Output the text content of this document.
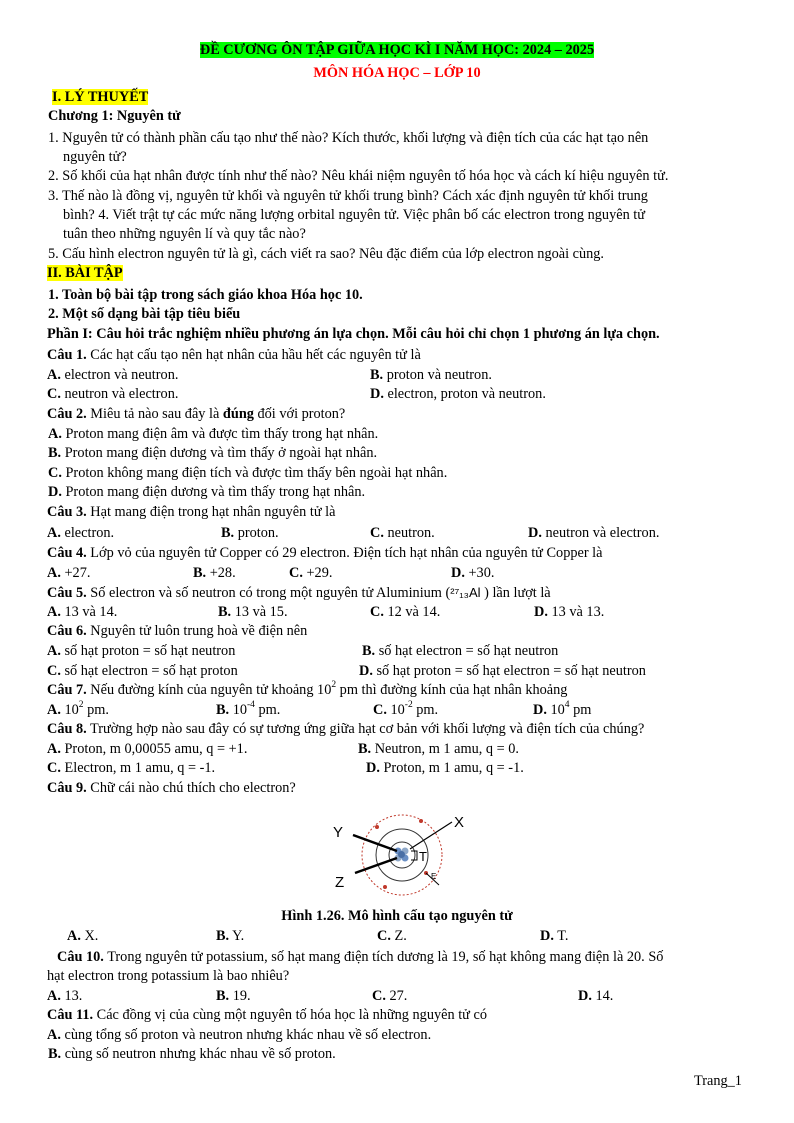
ĐỀ CƯƠNG ÔN TẬP GIỮA HỌC KÌ I NĂM HỌC: 2024 – 2025
MÔN HÓA HỌC – LỚP 10
I. LÝ THUYẾT
Chương 1: Nguyên tử
1. Nguyên tử có thành phần cấu tạo như thế nào? Kích thước, khối lượng và điện tích của các hạt tạo nên
nguyên tử?
2. Số khối của hạt nhân được tính như thế nào? Nêu khái niệm nguyên tố hóa học và cách kí hiệu nguyên tử.
3. Thế nào là đồng vị, nguyên tử khối và nguyên tử khối trung bình? Cách xác định nguyên tử khối trung
bình? 4. Viết trật tự các mức năng lượng orbital nguyên tử. Việc phân bố các electron trong nguyên tử
tuân theo những nguyên lí và quy tắc nào?
5. Cấu hình electron nguyên tử là gì, cách viết ra sao? Nêu đặc điểm của lớp electron ngoài cùng.
II. BÀI TẬP
1. Toàn bộ bài tập trong sách giáo khoa Hóa học 10.
2. Một số dạng bài tập tiêu biểu
Phần I: Câu hỏi trắc nghiệm nhiều phương án lựa chọn. Mỗi câu hỏi chỉ chọn 1 phương án lựa chọn.
Câu 1. Các hạt cấu tạo nên hạt nhân của hầu hết các nguyên tử là
A. electron và neutron.	B. proton và neutron.
C. neutron và electron.	D. electron, proton và neutron.
Câu 2. Miêu tả nào sau đây là đúng đối với proton?
A. Proton mang điện âm và được tìm thấy trong hạt nhân.
B. Proton mang điện dương và tìm thấy ở ngoài hạt nhân.
C. Proton không mang điện tích và được tìm thấy bên ngoài hạt nhân.
D. Proton mang điện dương và tìm thấy trong hạt nhân.
Câu 3. Hạt mang điện trong hạt nhân nguyên tử là
A. electron.	B. proton.	C. neutron.	D. neutron và electron.
Câu 4. Lớp vỏ của nguyên tử Copper có 29 electron. Điện tích hạt nhân của nguyên tử Copper là
A. +27.	B. +28.	C. +29.	D. +30.
Câu 5. Số electron và số neutron có trong một nguyên tử Aluminium (²⁷₁₃Al ) lần lượt là
A. 13 và 14.	B. 13 và 15.	C. 12 và 14.	D. 13 và 13.
Câu 6. Nguyên tử luôn trung hoà về điện nên
A. số hạt proton = số hạt neutron	B. số hạt electron = số hạt neutron
C. số hạt electron = số hạt proton	D. số hạt proton = số hạt electron = số hạt neutron
Câu 7. Nếu đường kính của nguyên tử khoảng $10^2$ pm thì đường kính của hạt nhân khoảng
A. $10^2$ pm.	B. $10^{-4}$ pm.	C. $10^{-2}$ pm.	D. $10^4$ pm
Câu 8. Trường hợp nào sau đây có sự tương ứng giữa hạt cơ bản với khối lượng và điện tích của chúng?
A. Proton, m 0,00055 amu, q = +1.	B. Neutron, m 1 amu, q = 0.
C. Electron, m 1 amu, q = -1.	D. Proton, m 1 amu, q = -1.
Câu 9. Chữ cái nào chú thích cho electron?
Y
X
T
Z	E
Hình 1.26. Mô hình cấu tạo nguyên tử
A. X.	B. Y.	C. Z.	D. T.
Câu 10. Trong nguyên tử potassium, số hạt mang điện tích dương là 19, số hạt không mang điện là 20. Số
hạt electron trong potassium là bao nhiêu?
A. 13.	B. 19.	C. 27.	D. 14.
Câu 11. Các đồng vị của cùng một nguyên tố hóa học là những nguyên tử có
A. cùng tổng số proton và neutron nhưng khác nhau về số electron.
B. cùng số neutron nhưng khác nhau về số proton.
Trang_1
